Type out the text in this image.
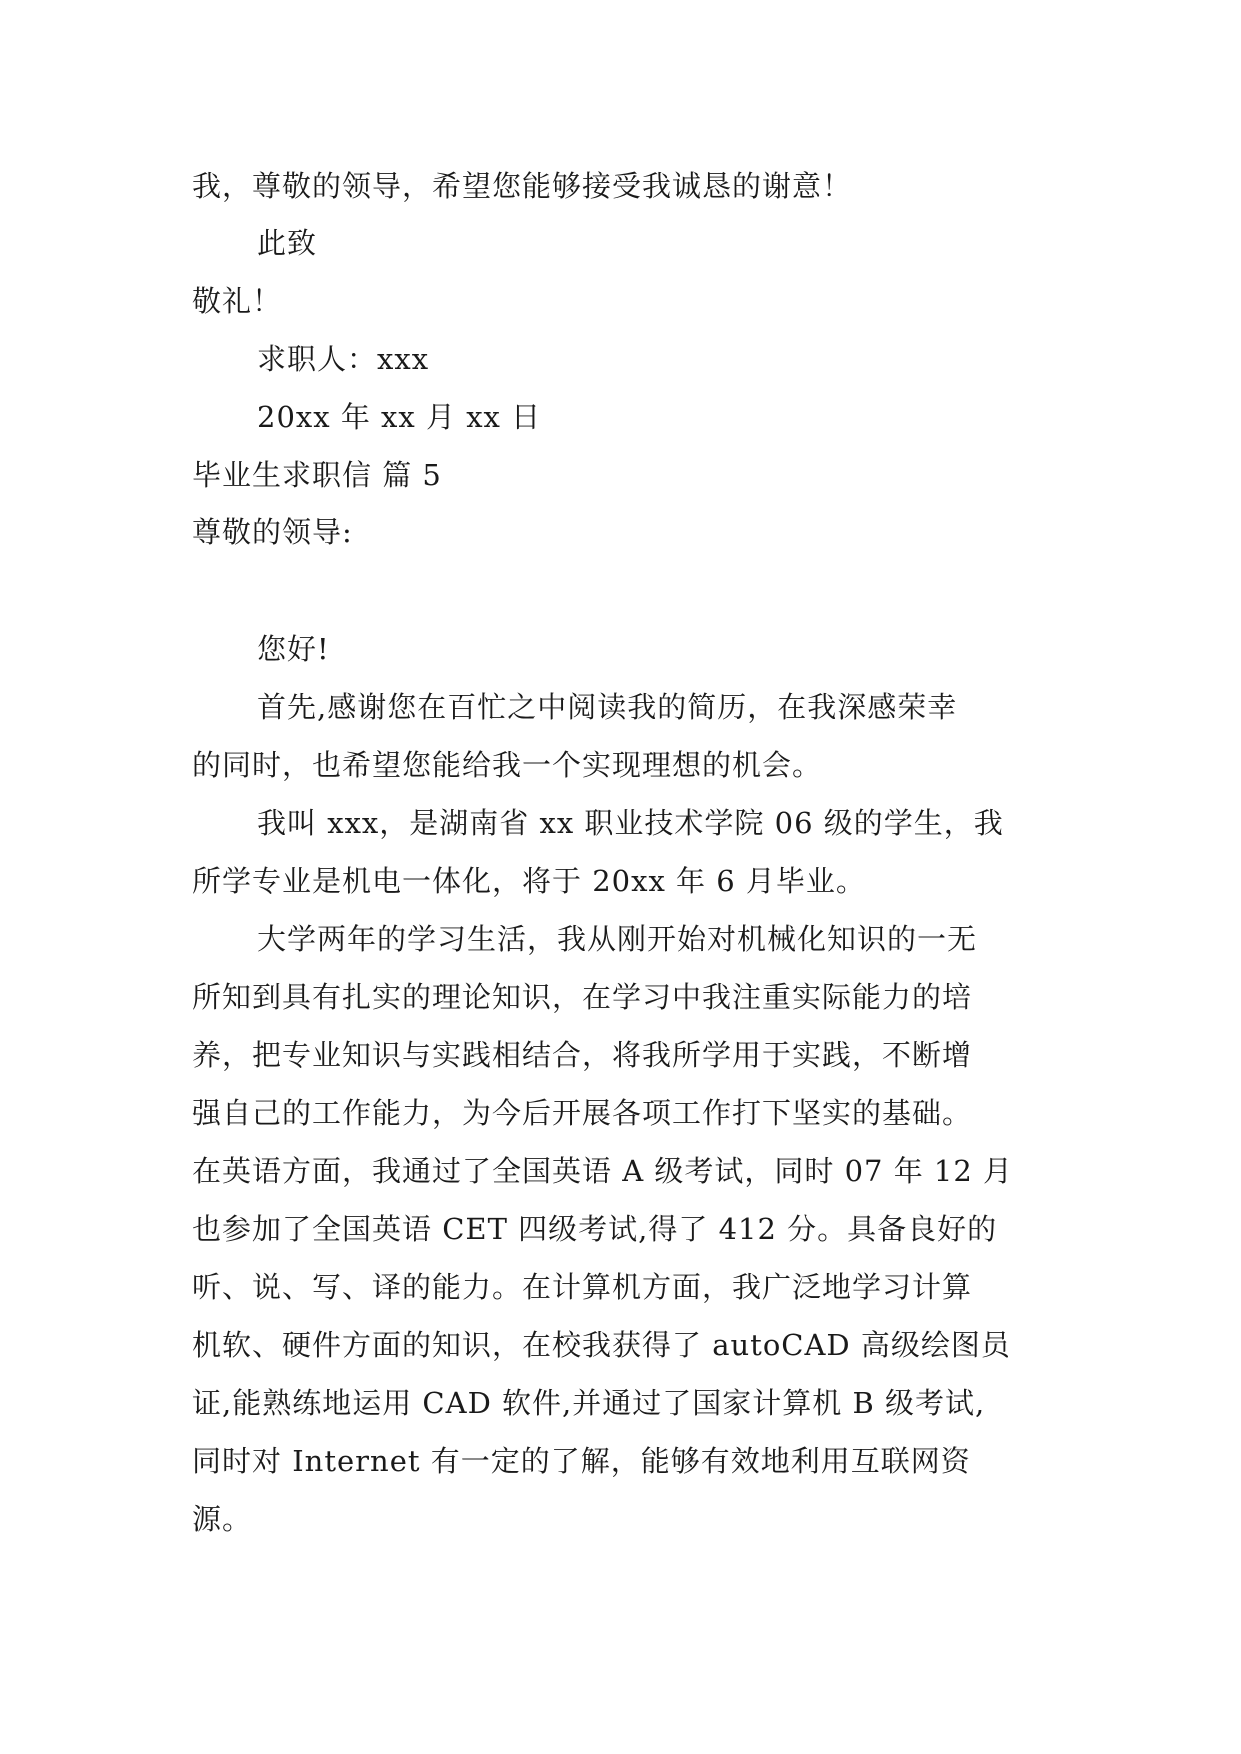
我，尊敬的领导，希望您能够接受我诚恳的谢意！
此致
敬礼！
求职人：xxx
20xx 年 xx 月 xx 日
毕业生求职信 篇 5
尊敬的领导:
您好!
首先,感谢您在百忙之中阅读我的简历，在我深感荣幸
的同时，也希望您能给我一个实现理想的机会。
我叫 xxx，是湖南省 xx 职业技术学院 06 级的学生，我
所学专业是机电一体化，将于 20xx 年 6 月毕业。
大学两年的学习生活，我从刚开始对机械化知识的一无
所知到具有扎实的理论知识，在学习中我注重实际能力的培
养，把专业知识与实践相结合，将我所学用于实践，不断增
强自己的工作能力，为今后开展各项工作打下坚实的基础。
在英语方面，我通过了全国英语 A 级考试，同时 07 年 12 月
也参加了全国英语 CET 四级考试,得了 412 分。具备良好的
听、说、写、译的能力。在计算机方面，我广泛地学习计算
机软、硬件方面的知识，在校我获得了 autoCAD 高级绘图员
证,能熟练地运用 CAD 软件,并通过了国家计算机 B 级考试,
同时对 Internet 有一定的了解，能够有效地利用互联网资
源。
